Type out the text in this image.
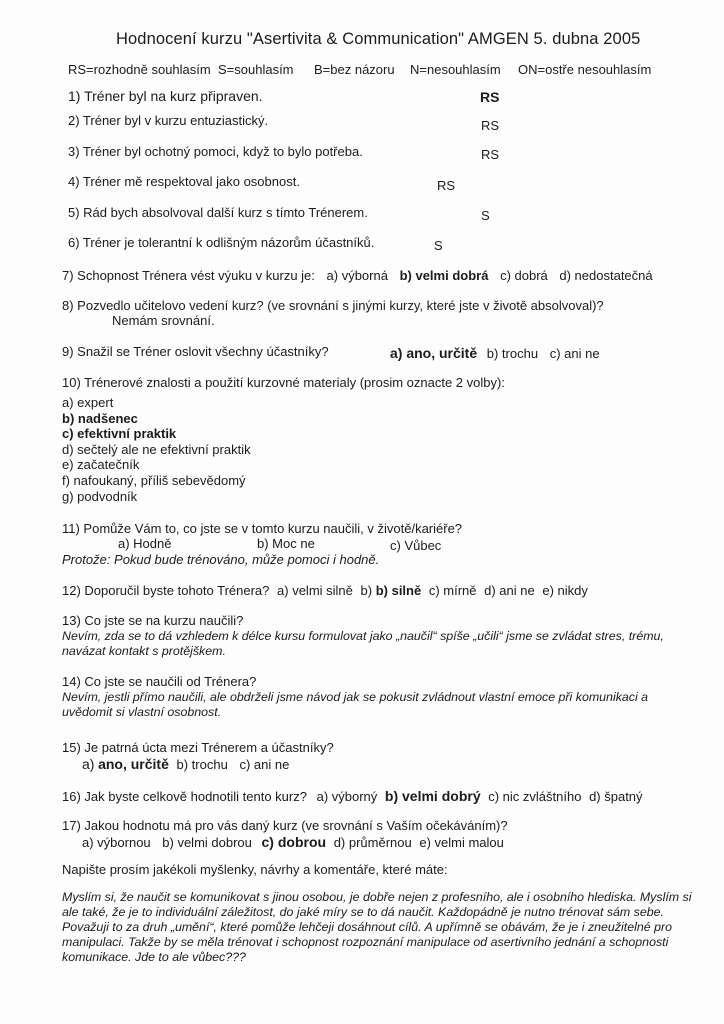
Hodnocení kurzu "Asertivita & Communication" AMGEN 5. dubna 2005
RS=rozhodně souhlasím S=souhlasím B=bez názoru N=nesouhlasím ON=ostře nesouhlasím
1) Tréner byl na kurz připraven.	RS
2) Tréner byl v kurzu entuziastický.	RS
3) Tréner byl ochotný pomoci, když to bylo potřeba.	RS
4) Tréner mě respektoval jako osobnost.	RS
5) Rád bych absolvoval další kurz s tímto Trénerem.	S
6) Tréner je tolerantní k odlišným názorům účastníků.	S
7) Schopnost Trénera vést výuku v kurzu je: a) výborná b) velmi dobrá c) dobrá d) nedostatečná
8) Pozvedlo učitelovo vedení kurz? (ve srovnání s jinými kurzy, které jste v životě absolvoval)?
Nemám srovnání.
9) Snažil se Tréner oslovit všechny účastníky?	a) ano, určitě b) trochu c) ani ne
10) Trénerové znalosti a použití kurzovné materialy (prosim oznacte 2 volby):
a) expert
b) nadšenec
c) efektivní praktik
d) sečtelý ale ne efektivní praktik
e) začatečník
f) nafoukaný, příliš sebevědomý
g) podvodník
11) Pomůže Vám to, co jste se v tomto kurzu naučili, v životě/kariéře?
a) Hodně	b) Moc ne	c) Vůbec
Protože: Pokud bude trénováno, může pomoci i hodně.
12) Doporučil byste tohoto Trénera? a) velmi silně b) b) silně c) mírně d) ani ne e) nikdy
13) Co jste se na kurzu naučili?
Nevím, zda se to dá vzhledem k délce kursu formulovat jako „naučil“ spíše „učili“ jsme se zvládat stres, trému, navázat kontakt s protějškem.
14) Co jste se naučili od Trénera?
Nevím, jestli přímo naučili, ale obdrželi jsme návod jak se pokusit zvládnout vlastní emoce při komunikaci a uvědomit si vlastní osobnost.
15) Je patrná úcta mezi Trénerem a účastníky?
a) ano, určitě b) trochu c) ani ne
16) Jak byste celkově hodnotili tento kurz? a) výborný b) velmi dobrý c) nic zvláštního d) špatný
17) Jakou hodnotu má pro vás daný kurz (ve srovnání s Vaším očekáváním)?
a) výbornou b) velmi dobrou c) dobrou d) průměrnou e) velmi malou
Napište prosím jakékoli myšlenky, návrhy a komentáře, které máte:
Myslím si, že naučit se komunikovat s jinou osobou, je dobře nejen z profesního, ale i osobního hlediska. Myslím si ale také, že je to individuální záležitost, do jaké míry se to dá naučit. Každopádně je nutno trénovat sám sebe. Považuji to za druh „umění“, které pomůže lehčeji dosáhnout cílů. A upřímně se obávám, že je i zneužitelné pro manipulaci. Takže by se měla trénovat i schopnost rozpoznání manipulace od asertivního jednání a schopnosti komunikace. Jde to ale vůbec???
